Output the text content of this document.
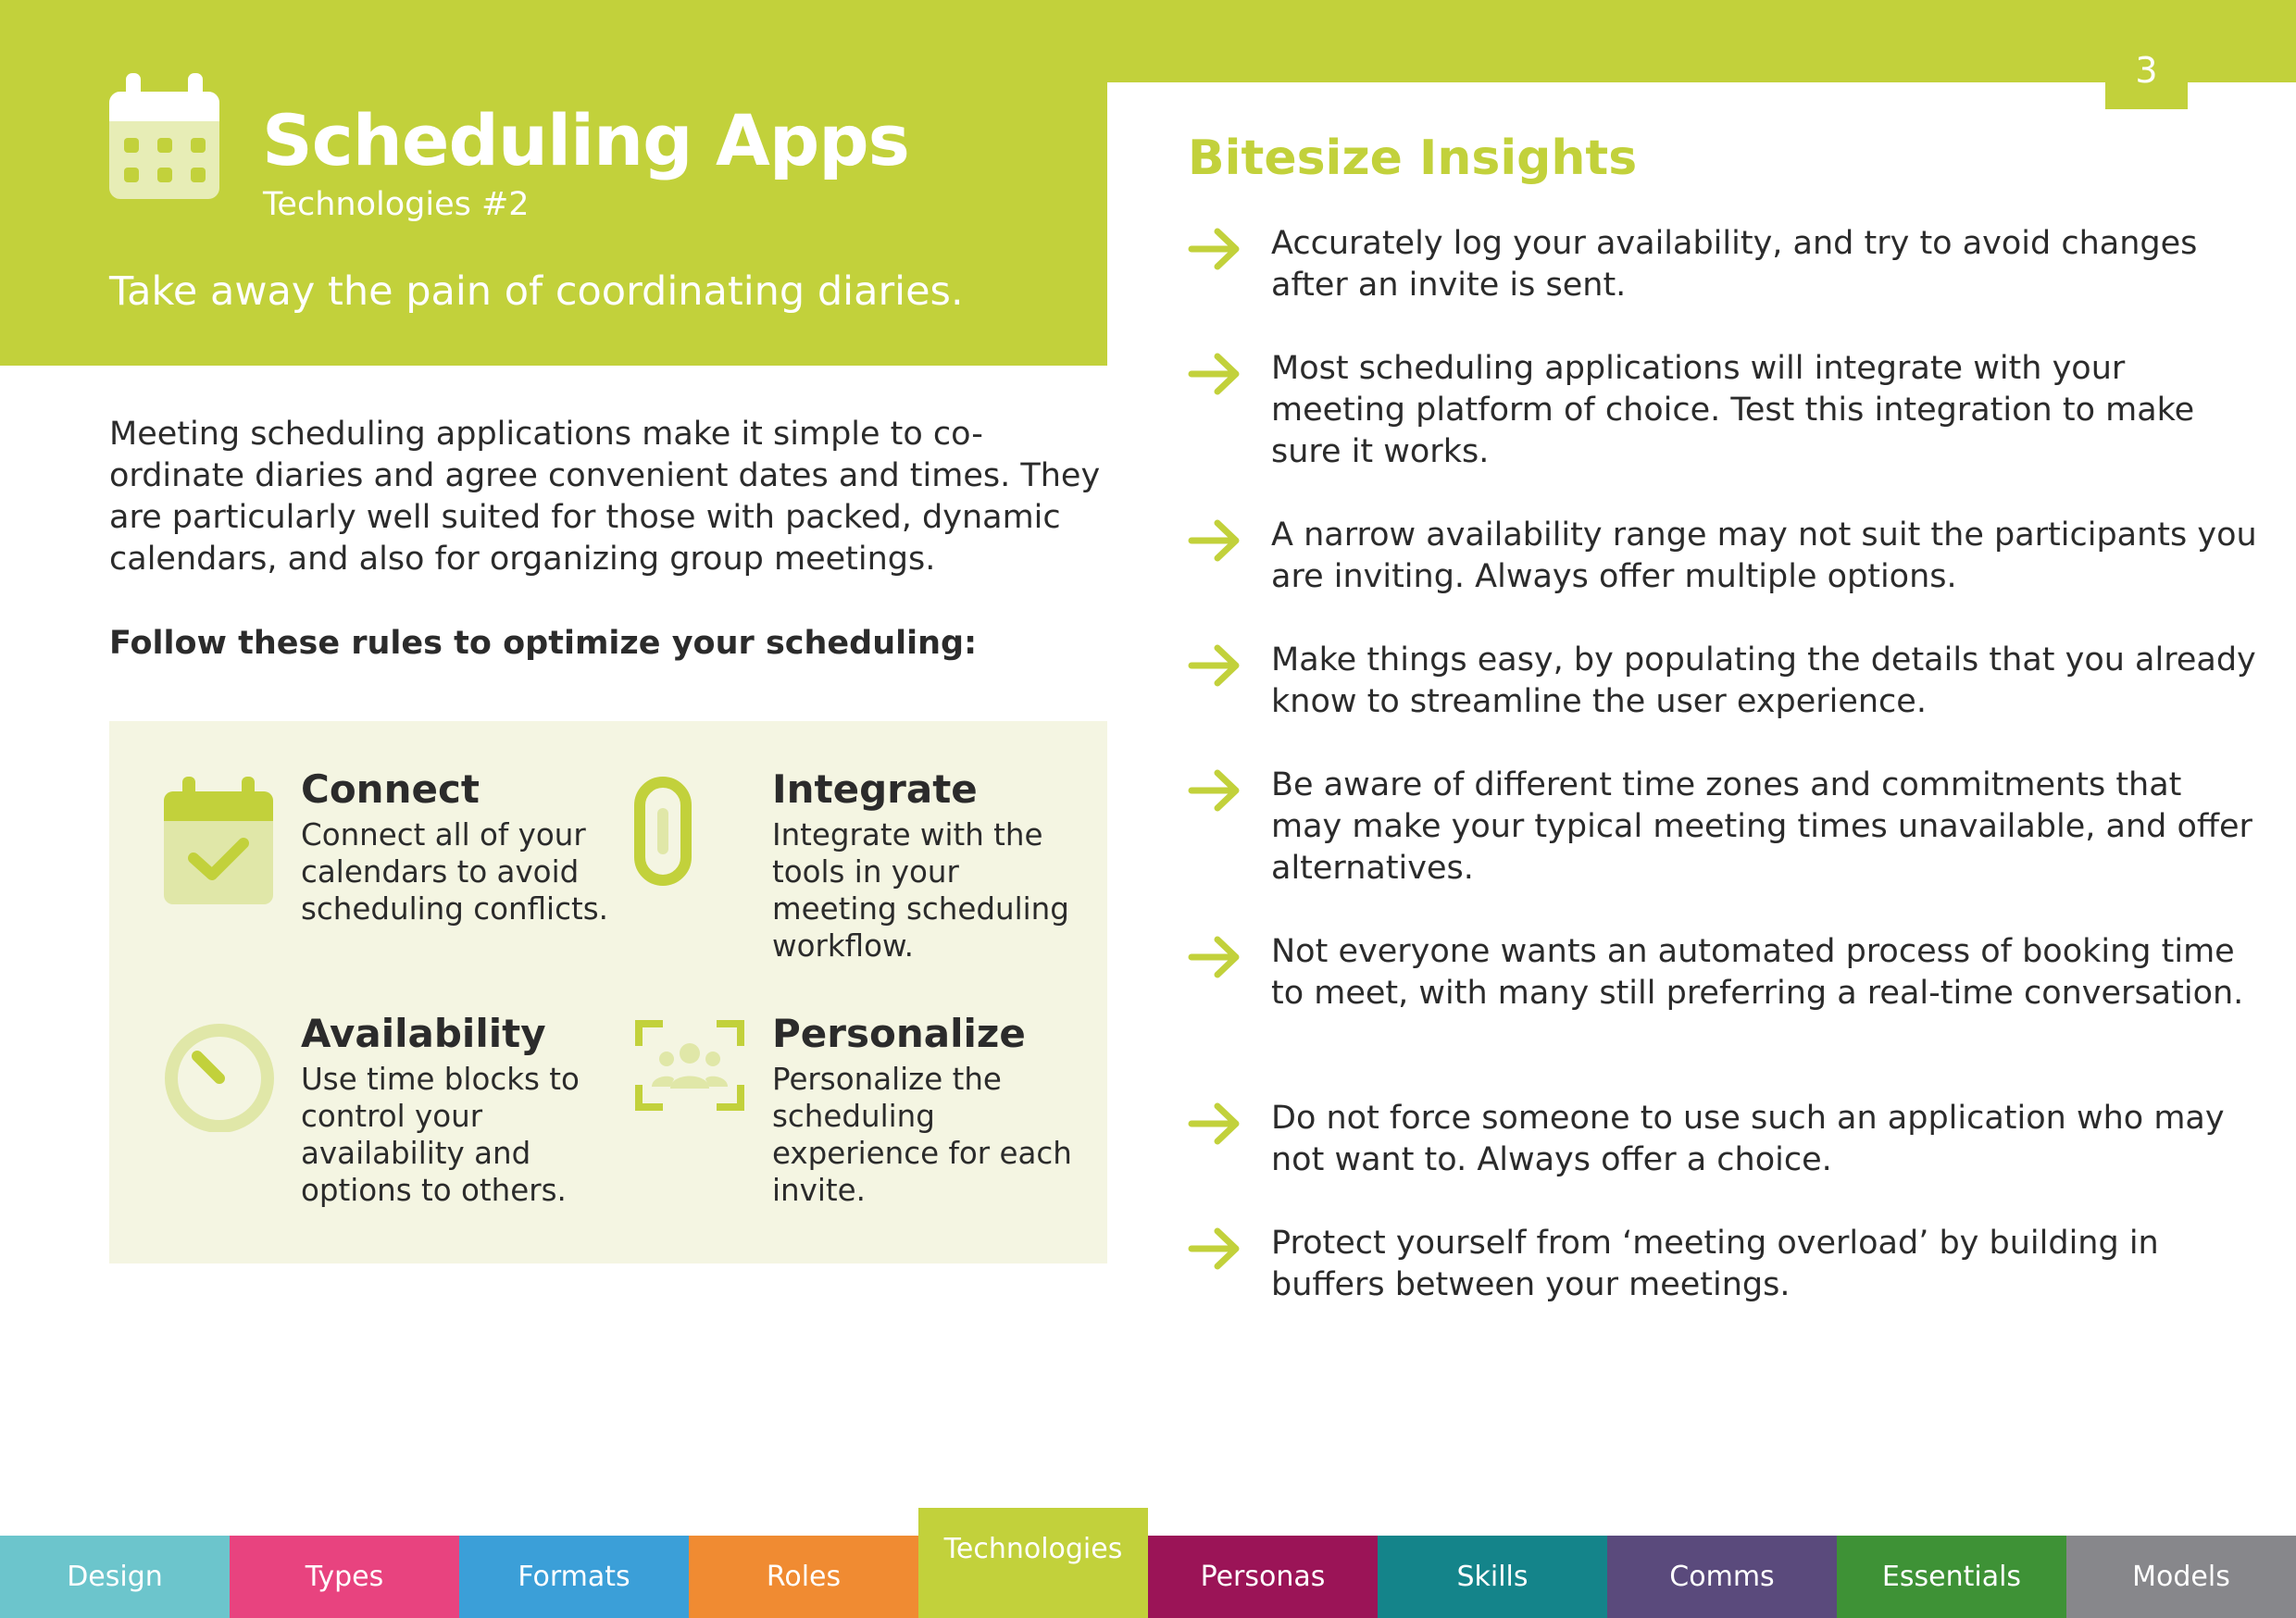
3
Scheduling Apps
Technologies #2
Take away the pain of coordinating diaries.
Meeting scheduling applications make it simple to co-ordinate diaries and agree convenient dates and times. They are particularly well suited for those with packed, dynamic calendars, and also for organizing group meetings.
Follow these rules to optimize your scheduling:
Connect
Connect all of your calendars to avoid scheduling conflicts.
Integrate
Integrate with the tools in your meeting scheduling workflow.
Availability
Use time blocks to control your availability and options to others.
Personalize
Personalize the scheduling experience for each invite.
Bitesize Insights
Accurately log your availability, and try to avoid changes after an invite is sent.
Most scheduling applications will integrate with your meeting platform of choice. Test this integration to make sure it works.
A narrow availability range may not suit the participants you are inviting. Always offer multiple options.
Make things easy, by populating the details that you already know to streamline the user experience.
Be aware of different time zones and commitments that may make your typical meeting times unavailable, and offer alternatives.
Not everyone wants an automated process of booking time to meet, with many still preferring a real-time conversation.
Do not force someone to use such an application who may not want to. Always offer a choice.
Protect yourself from ‘meeting overload’ by building in buffers between your meetings.
Design	Types	Formats	Roles
Technologies
Personas	Skills	Comms	Essentials	Models
